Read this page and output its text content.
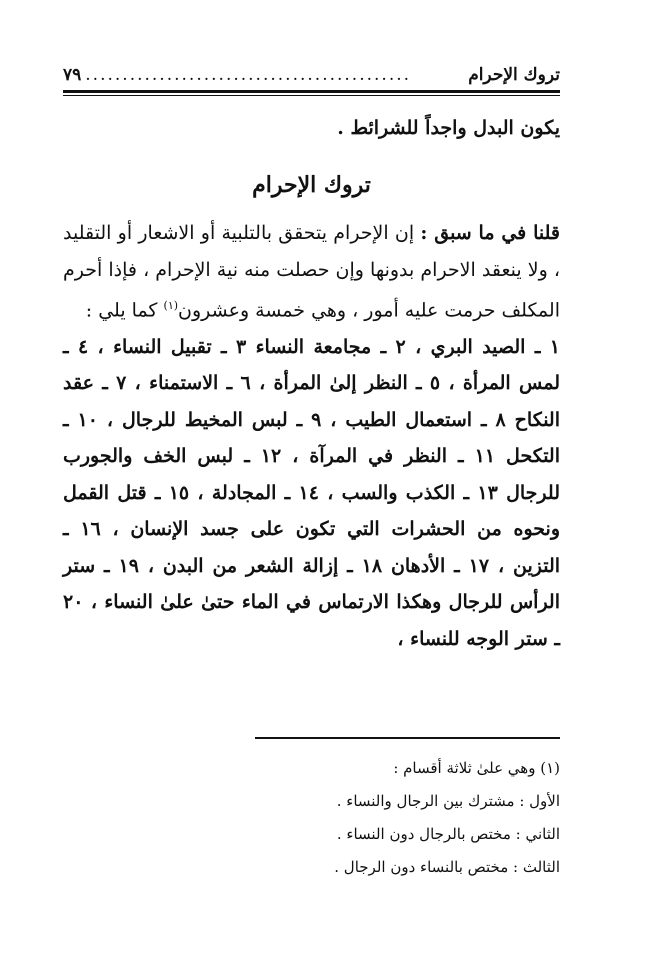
تروك الإحرام
٧٩ ............................................

يكون البدل واجداً للشرائط .

تروك الإحرام

قلنا في ما سبق : إن الإحرام يتحقق بالتلبية أو الاشعار أو التقليد ، ولا ينعقد الاحرام بدونها وإن حصلت منه نية الإحرام ، فإذا أحرم المكلف حرمت عليه أمور ، وهي خمسة وعشرون$^{(١)}$ كما يلي :

١ ـ الصيد البري ، ٢ ـ مجامعة النساء ٣ ـ تقبيل النساء ، ٤ ـ لمس المرأة ، ٥ ـ النظر إلىٰ المرأة ، ٦ ـ الاستمناء ، ٧ ـ عقد النكاح ٨ ـ استعمال الطيب ، ٩ ـ لبس المخيط للرجال ، ١٠ ـ التكحل ١١ ـ النظر في المرآة ، ١٢ ـ لبس الخف والجورب للرجال ١٣ ـ الكذب والسب ، ١٤ ـ المجادلة ، ١٥ ـ قتل القمل ونحوه من الحشرات التي تكون على جسد الإنسان ، ١٦ ـ التزين ، ١٧ ـ الأدهان ١٨ ـ إزالة الشعر من البدن ، ١٩ ـ ستر الرأس للرجال وهكذا الارتماس في الماء حتىٰ علىٰ النساء ، ٢٠ ـ ستر الوجه للنساء ،

(١) وهي علىٰ ثلاثة أقسام :

الأول : مشترك بين الرجال والنساء .

الثاني : مختص بالرجال دون النساء .

الثالث : مختص بالنساء دون الرجال .
